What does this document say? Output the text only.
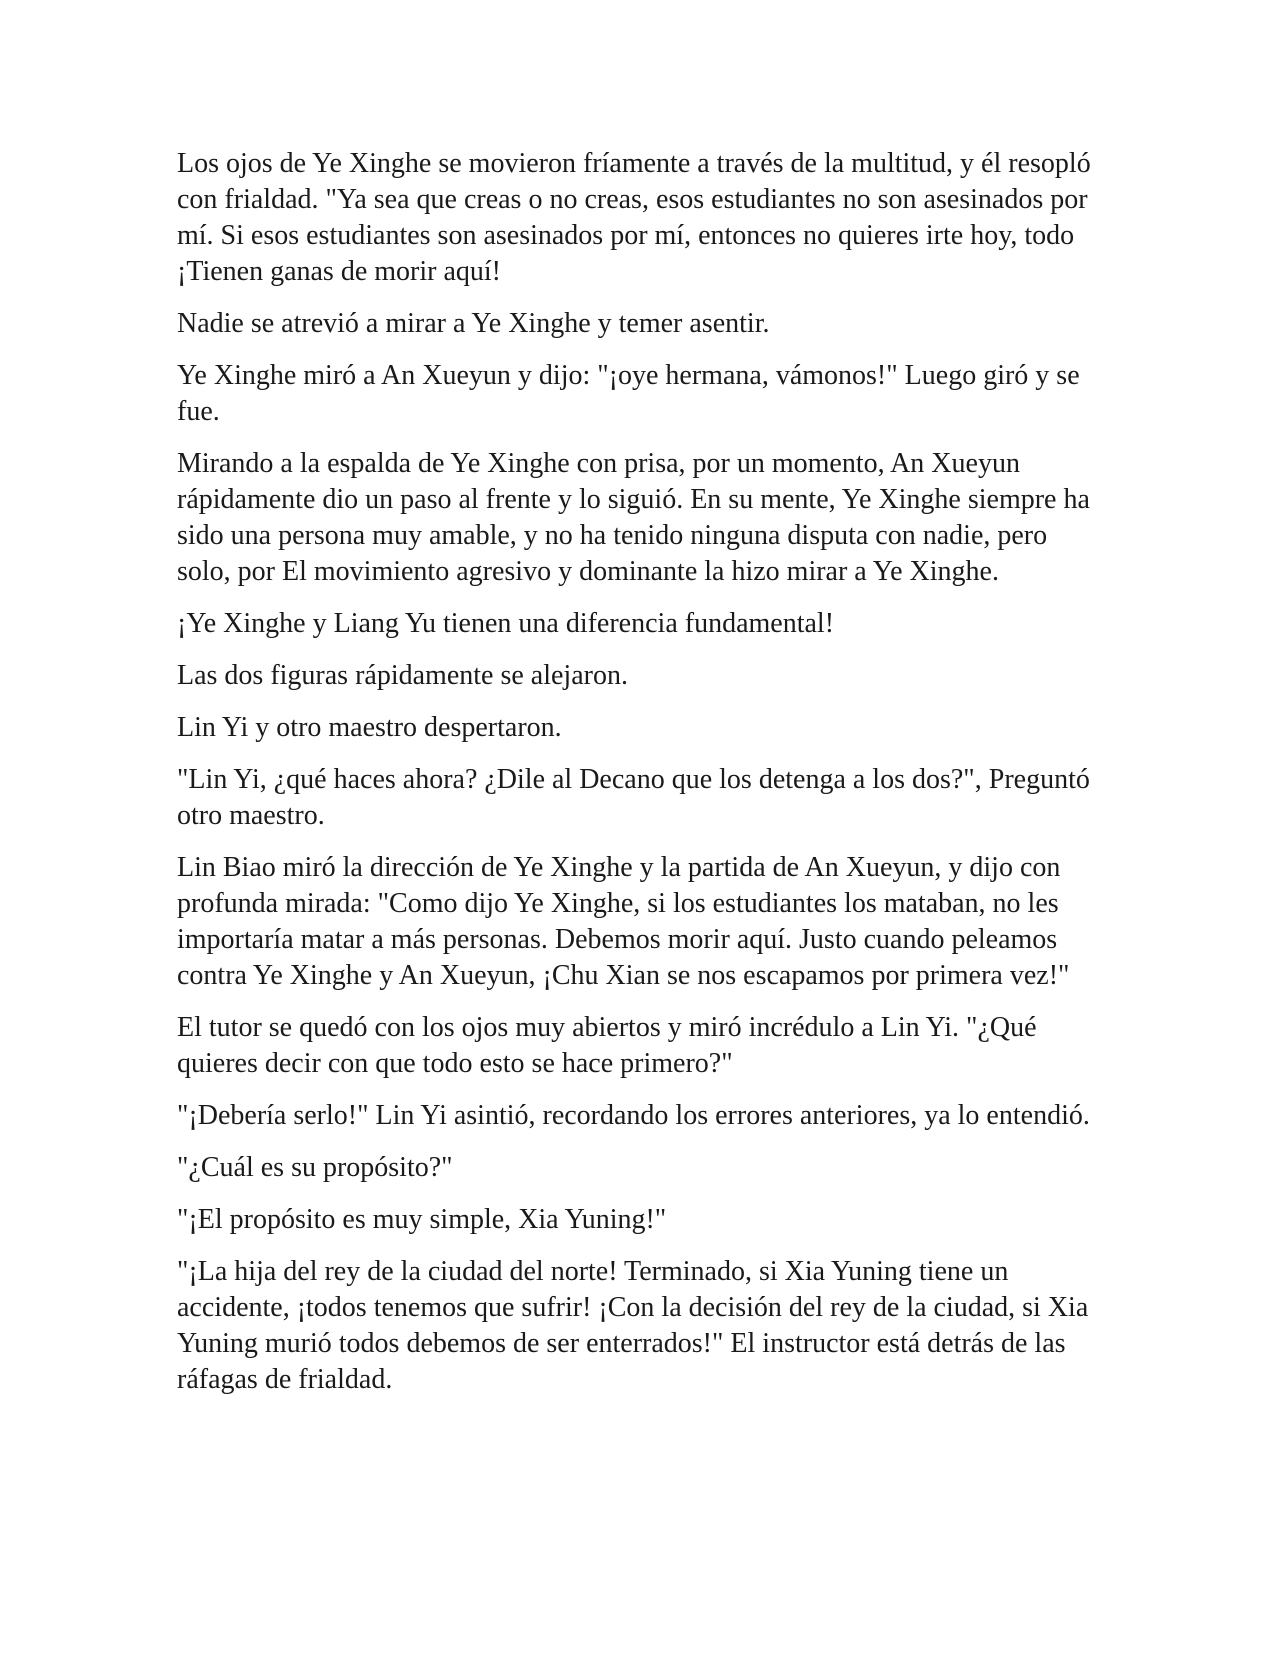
Los ojos de Ye Xinghe se movieron fríamente a través de la multitud, y él resopló con frialdad. "Ya sea que creas o no creas, esos estudiantes no son asesinados por mí. Si esos estudiantes son asesinados por mí, entonces no quieres irte hoy, todo ¡Tienen ganas de morir aquí!

Nadie se atrevió a mirar a Ye Xinghe y temer asentir.

Ye Xinghe miró a An Xueyun y dijo: "¡oye hermana, vámonos!" Luego giró y se fue.

Mirando a la espalda de Ye Xinghe con prisa, por un momento, An Xueyun rápidamente dio un paso al frente y lo siguió. En su mente, Ye Xinghe siempre ha sido una persona muy amable, y no ha tenido ninguna disputa con nadie, pero solo, por El movimiento agresivo y dominante la hizo mirar a Ye Xinghe.

¡Ye Xinghe y Liang Yu tienen una diferencia fundamental!

Las dos figuras rápidamente se alejaron.

Lin Yi y otro maestro despertaron.

"Lin Yi, ¿qué haces ahora? ¿Dile al Decano que los detenga a los dos?", Preguntó otro maestro.

Lin Biao miró la dirección de Ye Xinghe y la partida de An Xueyun, y dijo con profunda mirada: "Como dijo Ye Xinghe, si los estudiantes los mataban, no les importaría matar a más personas. Debemos morir aquí. Justo cuando peleamos contra Ye Xinghe y An Xueyun, ¡Chu Xian se nos escapamos por primera vez!"

El tutor se quedó con los ojos muy abiertos y miró incrédulo a Lin Yi. "¿Qué quieres decir con que todo esto se hace primero?"

"¡Debería serlo!" Lin Yi asintió, recordando los errores anteriores, ya lo entendió.

"¿Cuál es su propósito?"

"¡El propósito es muy simple, Xia Yuning!"

"¡La hija del rey de la ciudad del norte! Terminado, si Xia Yuning tiene un accidente, ¡todos tenemos que sufrir! ¡Con la decisión del rey de la ciudad, si Xia Yuning murió todos debemos de ser enterrados!" El instructor está detrás de las ráfagas de frialdad.
